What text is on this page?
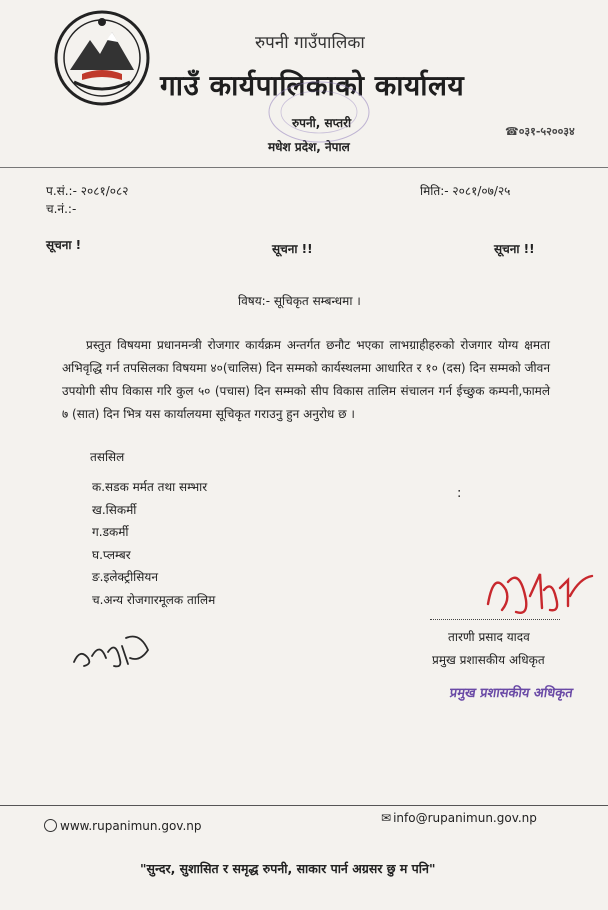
रुपनी गाउँपालिका
गाउँ कार्यपालिकाको कार्यालय
रुपनी, सप्तरी
मधेश प्रदेश, नेपाल
☎०३१-५२००३४
प.सं.:- २०८१/०८२
च.नं.:-
मिति:- २०८१/०७/२५
सूचना !	सूचना !!	सूचना !!
विषय:- सूचिकृत सम्बन्धमा ।
प्रस्तुत विषयमा प्रधानमन्त्री रोजगार कार्यक्रम अन्तर्गत छनौट भएका लाभग्राहीहरुको रोजगार योग्य क्षमता अभिवृद्धि गर्न तपसिलका विषयमा ४०(चालिस) दिन सम्मको कार्यस्थलमा आधारित र १० (दस) दिन सम्मको जीवन उपयोगी सीप विकास गरि कुल ५० (पचास) दिन सम्मको सीप विकास तालिम संचालन गर्न ईच्छुक कम्पनी,फामले ७ (सात) दिन भित्र यस कार्यालयमा सूचिकृत गराउनु हुन अनुरोध छ ।
तससिल
क.सडक मर्मत तथा सम्भार
ख.सिकर्मी
ग.डकर्मी
घ.प्लम्बर
ङ.इलेक्ट्रीसियन
च.अन्य रोजगारमूलक तालिम
:
तारणी प्रसाद यादव
प्रमुख प्रशासकीय अधिकृत
प्रमुख प्रशासकीय अधिकृत
✉ info@rupanimun.gov.np
www.rupanimun.gov.np
"सुन्दर, सुशासित र समृद्ध रुपनी, साकार पार्न अग्रसर छु म पनि"
